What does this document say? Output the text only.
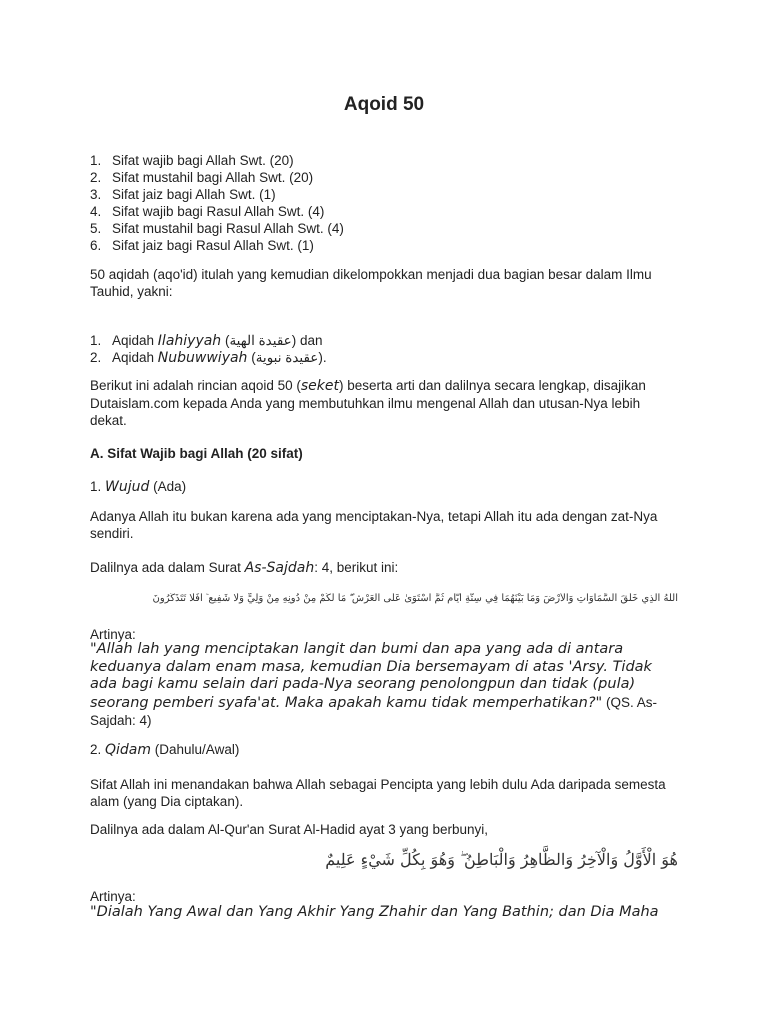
Aqoid 50
1. Sifat wajib bagi Allah Swt. (20)
2. Sifat mustahil bagi Allah Swt. (20)
3. Sifat jaiz bagi Allah Swt. (1)
4. Sifat wajib bagi Rasul Allah Swt. (4)
5. Sifat mustahil bagi Rasul Allah Swt. (4)
6. Sifat jaiz bagi Rasul Allah Swt. (1)

50 aqidah (aqo'id) itulah yang kemudian dikelompokkan menjadi dua bagian besar dalam Ilmu Tauhid, yakni:

1. Aqidah Ilahiyyah (عقيدة الهية) dan
2. Aqidah Nubuwwiyah (عقيدة نبوية).

Berikut ini adalah rincian aqoid 50 (seket) beserta arti dan dalilnya secara lengkap, disajikan Dutaislam.com kepada Anda yang membutuhkan ilmu mengenal Allah dan utusan-Nya lebih dekat.

A. Sifat Wajib bagi Allah (20 sifat)

1. Wujud (Ada)

Adanya Allah itu bukan karena ada yang menciptakan-Nya, tetapi Allah itu ada dengan zat-Nya sendiri.

Dalilnya ada dalam Surat As-Sajdah: 4, berikut ini:

اللَّهُ الَّذِي خَلَقَ السَّمَاوَاتِ وَالْأَرْضَ وَمَا بَيْنَهُمَا فِي سِتَّةِ أَيَّامٍ ثُمَّ اسْتَوَىٰ عَلَى الْعَرْشِ ۖ مَا لَكُمْ مِنْ دُونِهِ مِنْ وَلِيٍّ وَلَا شَفِيعٍ ۚ أَفَلَا تَتَذَكَّرُونَ

Artinya:

"Allah lah yang menciptakan langit dan bumi dan apa yang ada di antara keduanya dalam enam masa, kemudian Dia bersemayam di atas 'Arsy. Tidak ada bagi kamu selain dari pada-Nya seorang penolongpun dan tidak (pula) seorang pemberi syafa'at. Maka apakah kamu tidak memperhatikan?" (QS. As-Sajdah: 4)

2. Qidam (Dahulu/Awal)

Sifat Allah ini menandakan bahwa Allah sebagai Pencipta yang lebih dulu Ada daripada semesta alam (yang Dia ciptakan).

Dalilnya ada dalam Al-Qur'an Surat Al-Hadid ayat 3 yang berbunyi,

هُوَ الْأَوَّلُ وَالْآخِرُ وَالظَّاهِرُ وَالْبَاطِنُ ۖ وَهُوَ بِكُلِّ شَيْءٍ عَلِيمٌ

Artinya:

"Dialah Yang Awal dan Yang Akhir Yang Zhahir dan Yang Bathin; dan Dia Maha
